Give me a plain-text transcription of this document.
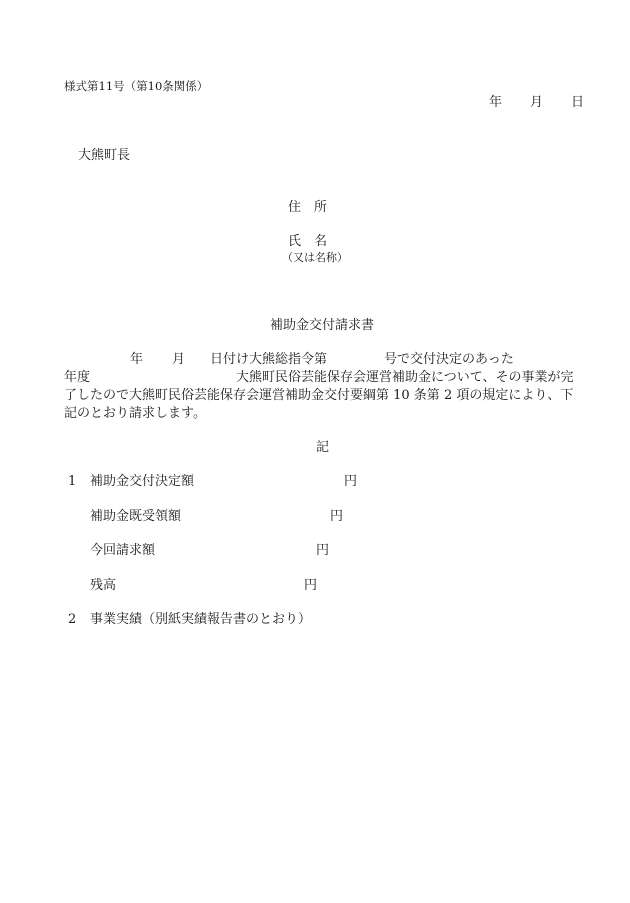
様式第11号（第10条関係）
年 月 日
大熊町長
住　所
氏　名
（又は名称）
補助金交付請求書
年 月 日付け大熊総指令第	号で交付決定のあった
年度	大熊町民俗芸能保存会運営補助金について、その事業が完
了したので大熊町民俗芸能保存会運営補助金交付要綱第 10 条第 2 項の規定により、下
記のとおり請求します。
記
1 補助金交付決定額	円
補助金既受領額	円
今回請求額	円
残高	円
2 事業実績（別紙実績報告書のとおり）
